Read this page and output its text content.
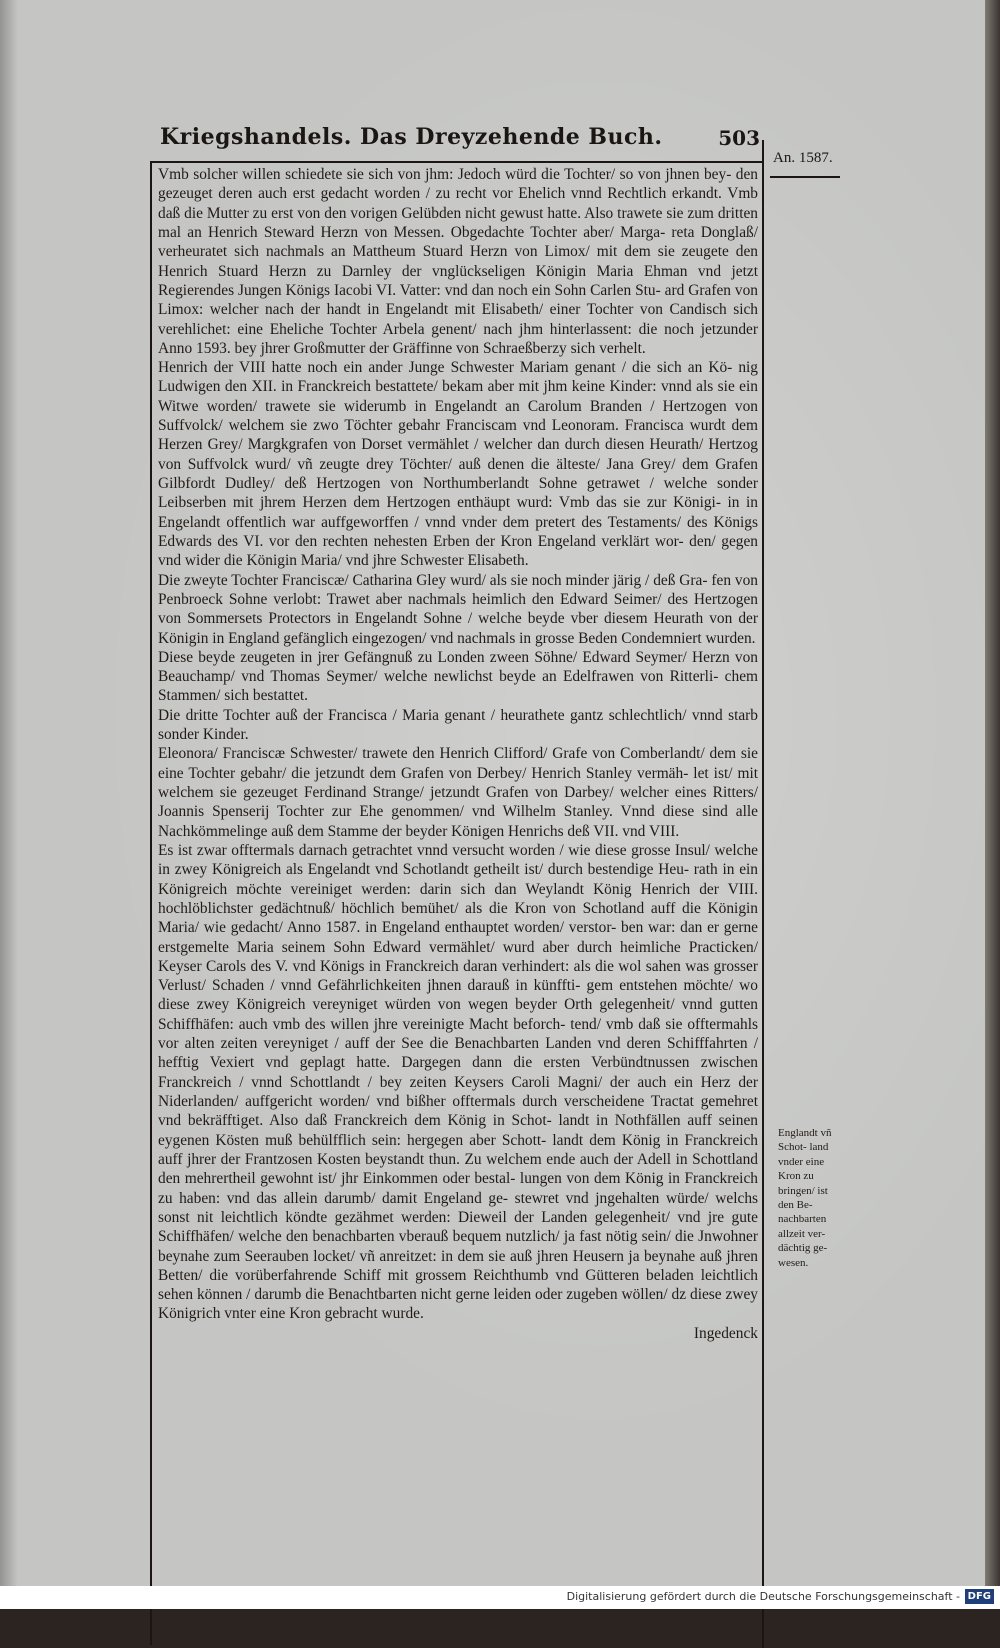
Kriegshandels. Das Dreyzehende Buch.	503
An. 1587.

Vmb solcher willen schiedete sie sich von jhm: Jedoch würd die Tochter/ so von jhnen bey- den gezeuget deren auch erst gedacht worden / zu recht vor Ehelich vnnd Rechtlich erkandt. Vmb daß die Mutter zu erst von den vorigen Gelübden nicht gewust hatte. Also trawete sie zum dritten mal an Henrich Steward Herzn von Messen. Obgedachte Tochter aber/ Marga- reta Donglaß/ verheuratet sich nachmals an Mattheum Stuard Herzn von Limox/ mit dem sie zeugete den Henrich Stuard Herzn zu Darnley der vnglückseligen Königin Maria Ehman vnd jetzt Regierendes Jungen Königs Iacobi VI. Vatter: vnd dan noch ein Sohn Carlen Stu- ard Grafen von Limox: welcher nach der handt in Engelandt mit Elisabeth/ einer Tochter von Candisch sich verehlichet: eine Eheliche Tochter Arbela genent/ nach jhm hinterlassent: die noch jetzunder Anno 1593. bey jhrer Großmutter der Gräffinne von Schraeßberzy sich verhelt.

Henrich der VIII hatte noch ein ander Junge Schwester Mariam genant / die sich an Kö- nig Ludwigen den XII. in Franckreich bestattete/ bekam aber mit jhm keine Kinder: vnnd als sie ein Witwe worden/ trawete sie widerumb in Engelandt an Carolum Branden / Hertzogen von Suffvolck/ welchem sie zwo Töchter gebahr Franciscam vnd Leonoram. Francisca wurdt dem Herzen Grey/ Margkgrafen von Dorset vermählet / welcher dan durch diesen Heurath/ Hertzog von Suffvolck wurd/ vñ zeugte drey Töchter/ auß denen die älteste/ Jana Grey/ dem Grafen Gilbfordt Dudley/ deß Hertzogen von Northumberlandt Sohne getrawet / welche sonder Leibserben mit jhrem Herzen dem Hertzogen enthäupt wurd: Vmb das sie zur Königi- in in Engelandt offentlich war auffgeworffen / vnnd vnder dem pretert des Testaments/ des Königs Edwards des VI. vor den rechten nehesten Erben der Kron Engeland verklärt wor- den/ gegen vnd wider die Königin Maria/ vnd jhre Schwester Elisabeth.

Die zweyte Tochter Franciscæ/ Catharina Gley wurd/ als sie noch minder järig / deß Gra- fen von Penbroeck Sohne verlobt: Trawet aber nachmals heimlich den Edward Seimer/ des Hertzogen von Sommersets Protectors in Engelandt Sohne / welche beyde vber diesem Heurath von der Königin in England gefänglich eingezogen/ vnd nachmals in grosse Beden Condemniert wurden.

Diese beyde zeugeten in jrer Gefängnuß zu Londen zween Söhne/ Edward Seymer/ Herzn von Beauchamp/ vnd Thomas Seymer/ welche newlichst beyde an Edelfrawen von Ritterli- chem Stammen/ sich bestattet.

Die dritte Tochter auß der Francisca / Maria genant / heurathete gantz schlechtlich/ vnnd starb sonder Kinder.

Eleonora/ Franciscæ Schwester/ trawete den Henrich Clifford/ Grafe von Comberlandt/ dem sie eine Tochter gebahr/ die jetzundt dem Grafen von Derbey/ Henrich Stanley vermäh- let ist/ mit welchem sie gezeuget Ferdinand Strange/ jetzundt Grafen von Darbey/ welcher eines Ritters/ Joannis Spenserij Tochter zur Ehe genommen/ vnd Wilhelm Stanley. Vnnd diese sind alle Nachkömmelinge auß dem Stamme der beyder Königen Henrichs deß VII. vnd VIII.

Es ist zwar offtermals darnach getrachtet vnnd versucht worden / wie diese grosse Insul/ welche in zwey Königreich als Engelandt vnd Schotlandt getheilt ist/ durch bestendige Heu- rath in ein Königreich möchte vereiniget werden: darin sich dan Weylandt König Henrich der VIII. hochlöblichster gedächtnuß/ höchlich bemühet/ als die Kron von Schotland auff die Königin Maria/ wie gedacht/ Anno 1587. in Engeland enthauptet worden/ verstor- ben war: dan er gerne erstgemelte Maria seinem Sohn Edward vermählet/ wurd aber durch heimliche Practicken/ Keyser Carols des V. vnd Königs in Franckreich daran verhindert: als die wol sahen was grosser Verlust/ Schaden / vnnd Gefährlichkeiten jhnen darauß in künffti- gem entstehen möchte/ wo diese zwey Königreich vereyniget würden von wegen beyder Orth gelegenheit/ vnnd gutten Schiffhäfen: auch vmb des willen jhre vereinigte Macht beforch- tend/ vmb daß sie offtermahls vor alten zeiten vereyniget / auff der See die Benachbarten Landen vnd deren Schifffahrten / hefftig Vexiert vnd geplagt hatte. Dargegen dann die ersten Verbündtnussen zwischen Franckreich / vnnd Schottlandt / bey zeiten Keysers Caroli Magni/ der auch ein Herz der Niderlanden/ auffgericht worden/ vnd bißher offtermals durch verscheidene Tractat gemehret vnd bekräfftiget. Also daß Franckreich dem König in Schot- landt in Nothfällen auff seinen eygenen Kösten muß behülfflich sein: hergegen aber Schott- landt dem König in Franckreich auff jhrer der Frantzosen Kosten beystandt thun. Zu welchem ende auch der Adell in Schottland den mehrertheil gewohnt ist/ jhr Einkommen oder bestal- lungen von dem König in Franckreich zu haben: vnd das allein darumb/ damit Engeland ge- stewret vnd jngehalten würde/ welchs sonst nit leichtlich köndte gezähmet werden: Dieweil der Landen gelegenheit/ vnd jre gute Schiffhäfen/ welche den benachbarten vberauß bequem nutzlich/ ja fast nötig sein/ die Jnwohner beynahe zum Seerauben locket/ vñ anreitzet: in dem sie auß jhren Heusern ja beynahe auß jhren Betten/ die vorüberfahrende Schiff mit grossem Reichthumb vnd Gütteren beladen leichtlich sehen können / darumb die Benachtbarten nicht gerne leiden oder zugeben wöllen/ dz diese zwey Königrich vnter eine Kron gebracht wurde.

Ingedenck

Englandt vñ Schot- land vnder eine Kron zu bringen/ ist den Be- nachbarten allzeit ver- dächtig ge- wesen.
Digitalisierung gefördert durch die Deutsche Forschungsgemeinschaft - DFG
